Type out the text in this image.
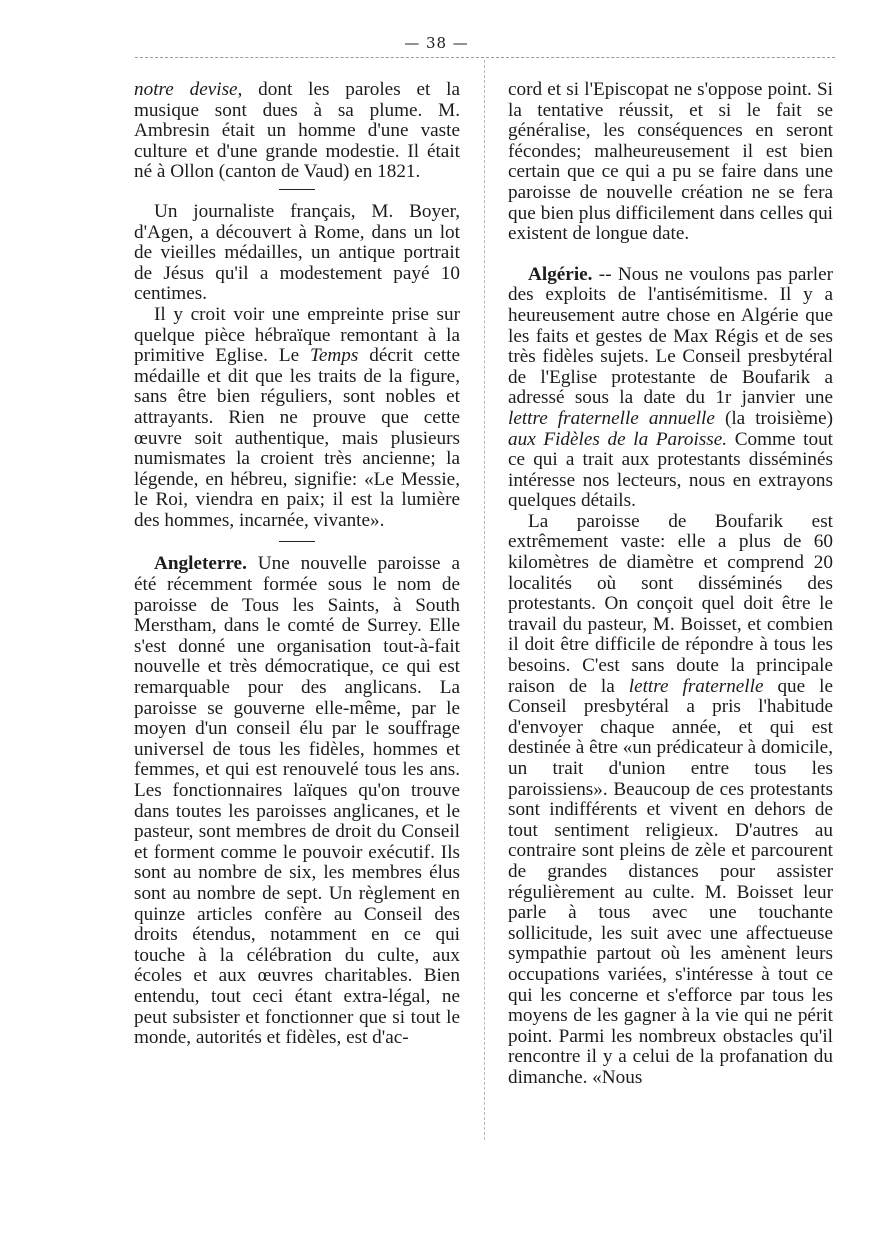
— 38 —

notre devise, dont les paroles et la musique sont dues à sa plume. M. Ambresin était un homme d'une vaste culture et d'une grande modestie. Il était né à Ollon (canton de Vaud) en 1821.

Un journaliste français, M. Boyer, d'Agen, a découvert à Rome, dans un lot de vieilles médailles, un antique portrait de Jésus qu'il a modestement payé 10 centimes.

Il y croit voir une empreinte prise sur quelque pièce hébraïque remontant à la primitive Eglise. Le Temps décrit cette médaille et dit que les traits de la figure, sans être bien réguliers, sont nobles et attrayants. Rien ne prouve que cette œuvre soit authentique, mais plusieurs numismates la croient très ancienne; la légende, en hébreu, signifie: «Le Messie, le Roi, viendra en paix; il est la lumière des hommes, incarnée, vivante».

Angleterre. Une nouvelle paroisse a été récemment formée sous le nom de paroisse de Tous les Saints, à South Merstham, dans le comté de Surrey. Elle s'est donné une organisation tout-à-fait nouvelle et très démocratique, ce qui est remarquable pour des anglicans. La paroisse se gouverne elle-même, par le moyen d'un conseil élu par le souffrage universel de tous les fidèles, hommes et femmes, et qui est renouvelé tous les ans. Les fonctionnaires laïques qu'on trouve dans toutes les paroisses anglicanes, et le pasteur, sont membres de droit du Conseil et forment comme le pouvoir exécutif. Ils sont au nombre de six, les membres élus sont au nombre de sept. Un règlement en quinze articles confère au Conseil des droits étendus, notamment en ce qui touche à la célébration du culte, aux écoles et aux œuvres charitables. Bien entendu, tout ceci étant extra-légal, ne peut subsister et fonctionner que si tout le monde, autorités et fidèles, est d'ac-

cord et si l'Episcopat ne s'oppose point. Si la tentative réussit, et si le fait se généralise, les conséquences en seront fécondes; malheureusement il est bien certain que ce qui a pu se faire dans une paroisse de nouvelle création ne se fera que bien plus difficilement dans celles qui existent de longue date.

Algérie. -- Nous ne voulons pas parler des exploits de l'antisémitisme. Il y a heureusement autre chose en Algérie que les faits et gestes de Max Régis et de ses très fidèles sujets. Le Conseil presbytéral de l'Eglise protestante de Boufarik a adressé sous la date du 1r janvier une lettre fraternelle annuelle (la troisième) aux Fidèles de la Paroisse. Comme tout ce qui a trait aux protestants disséminés intéresse nos lecteurs, nous en extrayons quelques détails.

La paroisse de Boufarik est extrêmement vaste: elle a plus de 60 kilomètres de diamètre et comprend 20 localités où sont disséminés des protestants. On conçoit quel doit être le travail du pasteur, M. Boisset, et combien il doit être difficile de répondre à tous les besoins. C'est sans doute la principale raison de la lettre fraternelle que le Conseil presbytéral a pris l'habitude d'envoyer chaque année, et qui est destinée à être «un prédicateur à domicile, un trait d'union entre tous les paroissiens». Beaucoup de ces protestants sont indifférents et vivent en dehors de tout sentiment religieux. D'autres au contraire sont pleins de zèle et parcourent de grandes distances pour assister régulièrement au culte. M. Boisset leur parle à tous avec une touchante sollicitude, les suit avec une affectueuse sympathie partout où les amènent leurs occupations variées, s'intéresse à tout ce qui les concerne et s'efforce par tous les moyens de les gagner à la vie qui ne périt point. Parmi les nombreux obstacles qu'il rencontre il y a celui de la profanation du dimanche. «Nous
